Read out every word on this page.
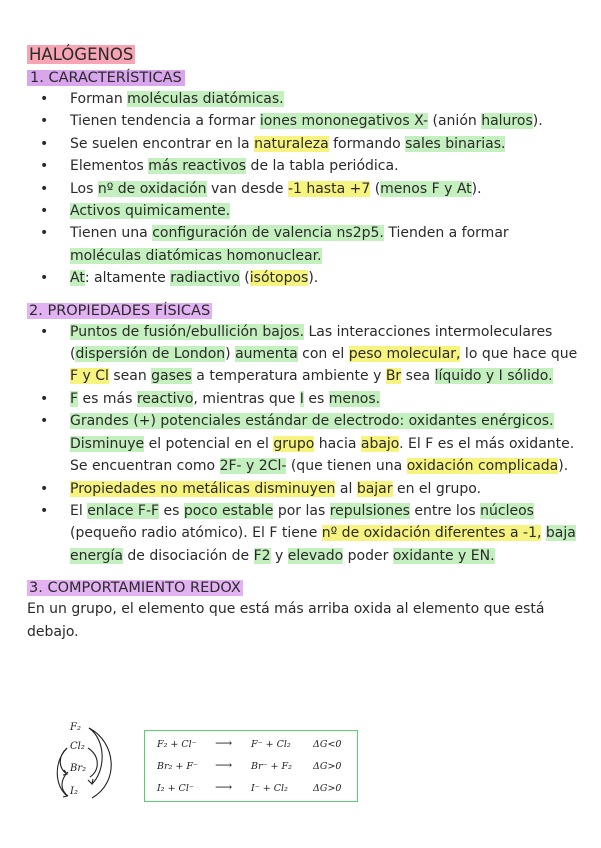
HALÓGENOS
1. CARACTERÍSTICAS
• Forman moléculas diatómicas.
• Tienen tendencia a formar iones mononegativos X- (anión haluros).
• Se suelen encontrar en la naturaleza formando sales binarias.
• Elementos más reactivos de la tabla periódica.
• Los nº de oxidación van desde -1 hasta +7 (menos F y At).
• Activos quimicamente.
• Tienen una configuración de valencia ns2p5. Tienden a formar moléculas diatómicas homonuclear.
• At: altamente radiactivo (isótopos).
2. PROPIEDADES FÍSICAS
• Puntos de fusión/ebullición bajos. Las interacciones intermoleculares (dispersión de London) aumenta con el peso molecular, lo que hace que F y Cl sean gases a temperatura ambiente y Br sea líquido y I sólido.
• F es más reactivo, mientras que I es menos.
• Grandes (+) potenciales estándar de electrodo: oxidantes enérgicos. Disminuye el potencial en el grupo hacia abajo. El F es el más oxidante. Se encuentran como 2F- y 2Cl- (que tienen una oxidación complicada).
• Propiedades no metálicas disminuyen al bajar en el grupo.
• El enlace F-F es poco estable por las repulsiones entre los núcleos (pequeño radio atómico). El F tiene nº de oxidación diferentes a -1, baja energía de disociación de F2 y elevado poder oxidante y EN.
3. COMPORTAMIENTO REDOX

En un grupo, el elemento que está más arriba oxida al elemento que está debajo.

F₂
Cl₂
Br₂
I₂
F₂ + Cl⁻ ⟶ F⁻ + Cl₂ ΔG<0
Br₂ + F⁻ ⟶ Br⁻ + F₂ ΔG>0
I₂ + Cl⁻ ⟶ I⁻ + Cl₂	ΔG>0
